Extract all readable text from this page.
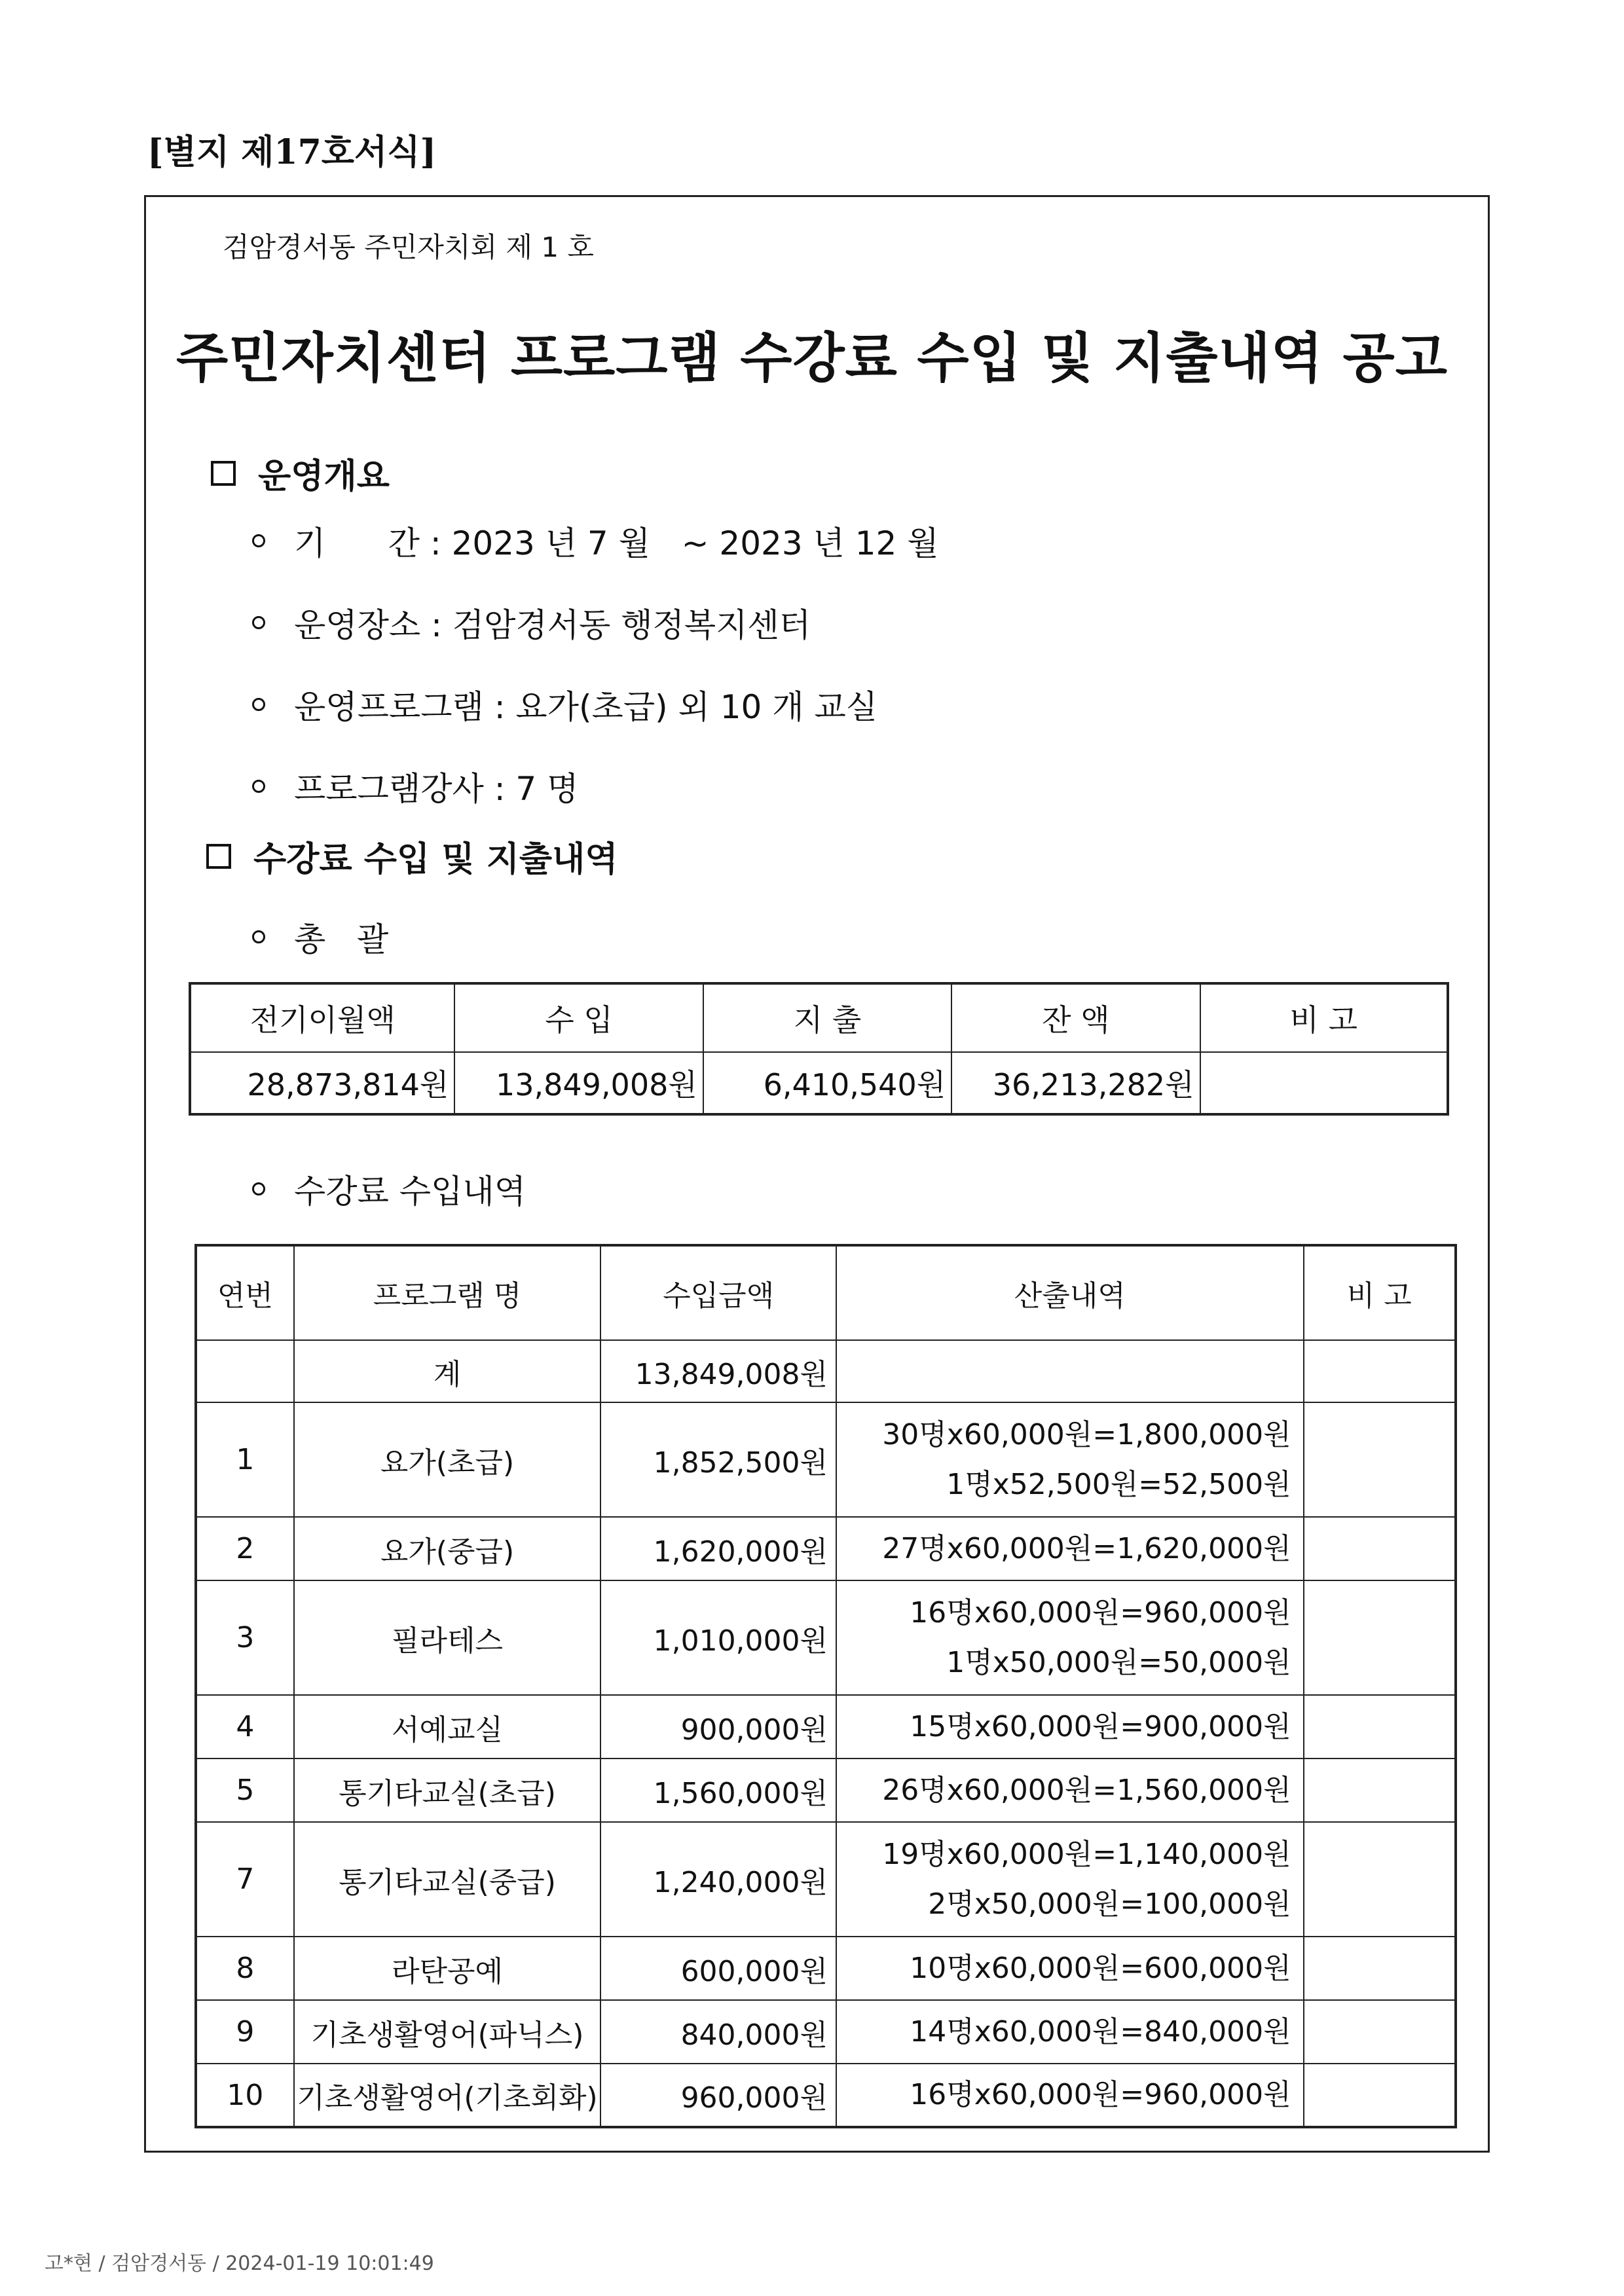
[별지 제17호서식]
검암경서동 주민자치회 제 1 호
주민자치센터 프로그램 수강료 수입 및 지출내역 공고
운영개요
기      간 : 2023 년 7 월   ~ 2023 년 12 월
운영장소 : 검암경서동 행정복지센터
운영프로그램 : 요가(초급) 외 10 개 교실
프로그램강사 : 7 명
수강료 수입 및 지출내역
총   괄
전기이월액	수 입	지 출	잔 액	비 고
28,873,814원	13,849,008원	6,410,540원	36,213,282원	
수강료 수입내역
연번	프로그램 명	수입금액	산출내역	비 고
	계	13,849,008원		
1	요가(초급)	1,852,500원	30명x60,000원=1,800,000원
1명x52,500원=52,500원	

2	요가(중급)	1,620,000원	27명x60,000원=1,620,000원	

3	필라테스	1,010,000원	16명x60,000원=960,000원
1명x50,000원=50,000원	

4	서예교실	900,000원	15명x60,000원=900,000원	

5	통기타교실(초급)	1,560,000원	26명x60,000원=1,560,000원	

7	통기타교실(중급)	1,240,000원	19명x60,000원=1,140,000원
2명x50,000원=100,000원	

8	라탄공예	600,000원	10명x60,000원=600,000원	

9	기초생활영어(파닉스)	840,000원	14명x60,000원=840,000원	

10	기초생활영어(기초회화)	960,000원	16명x60,000원=960,000원	

고*현 / 검암경서동 / 2024-01-19 10:01:49
